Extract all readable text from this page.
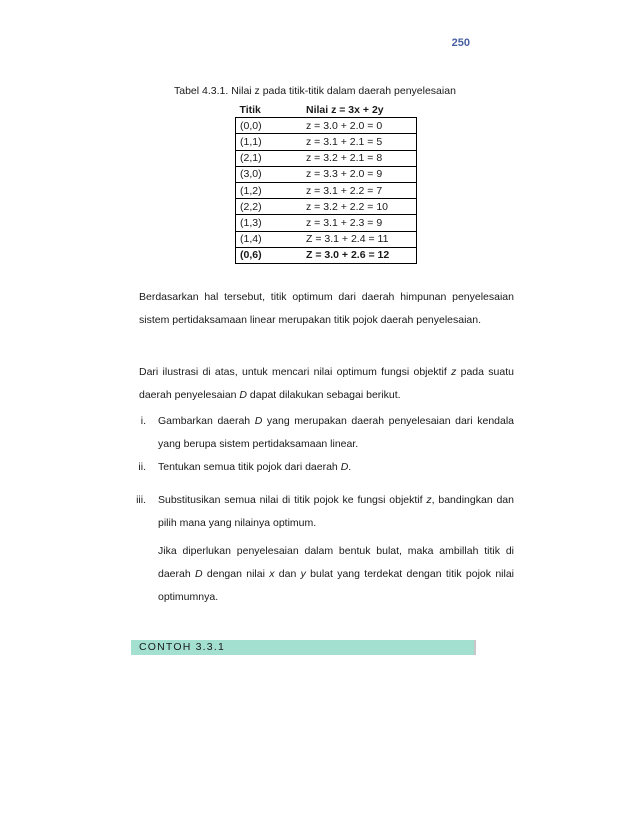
250
Tabel 4.3.1. Nilai z pada titik-titik dalam daerah penyelesaian
Titik	Nilai z = 3x + 2y
(0,0)	z = 3.0 + 2.0 = 0
(1,1)	z = 3.1 + 2.1 = 5
(2,1)	z = 3.2 + 2.1 = 8
(3,0)	z = 3.3 + 2.0 = 9
(1,2)	z = 3.1 + 2.2 = 7
(2,2)	z = 3.2 + 2.2 = 10
(1,3)	z = 3.1 + 2.3 = 9
(1,4)	Z = 3.1 + 2.4 = 11
(0,6)	Z = 3.0 + 2.6 = 12
Berdasarkan hal tersebut, titik optimum dari daerah himpunan penyelesaian sistem pertidaksamaan linear merupakan titik pojok daerah penyelesaian.
Dari ilustrasi di atas, untuk mencari nilai optimum fungsi objektif z pada suatu daerah penyelesaian D dapat dilakukan sebagai berikut.
i.	Gambarkan daerah D yang merupakan daerah penyelesaian dari kendala yang berupa sistem pertidaksamaan linear.
ii.	Tentukan semua titik pojok dari daerah D.
iii.	Substitusikan semua nilai di titik pojok ke fungsi objektif z, bandingkan dan pilih mana yang nilainya optimum.
Jika diperlukan penyelesaian dalam bentuk bulat, maka ambillah titik di daerah D dengan nilai x dan y bulat yang terdekat dengan titik pojok nilai optimumnya.
CONTOH 3.3.1
